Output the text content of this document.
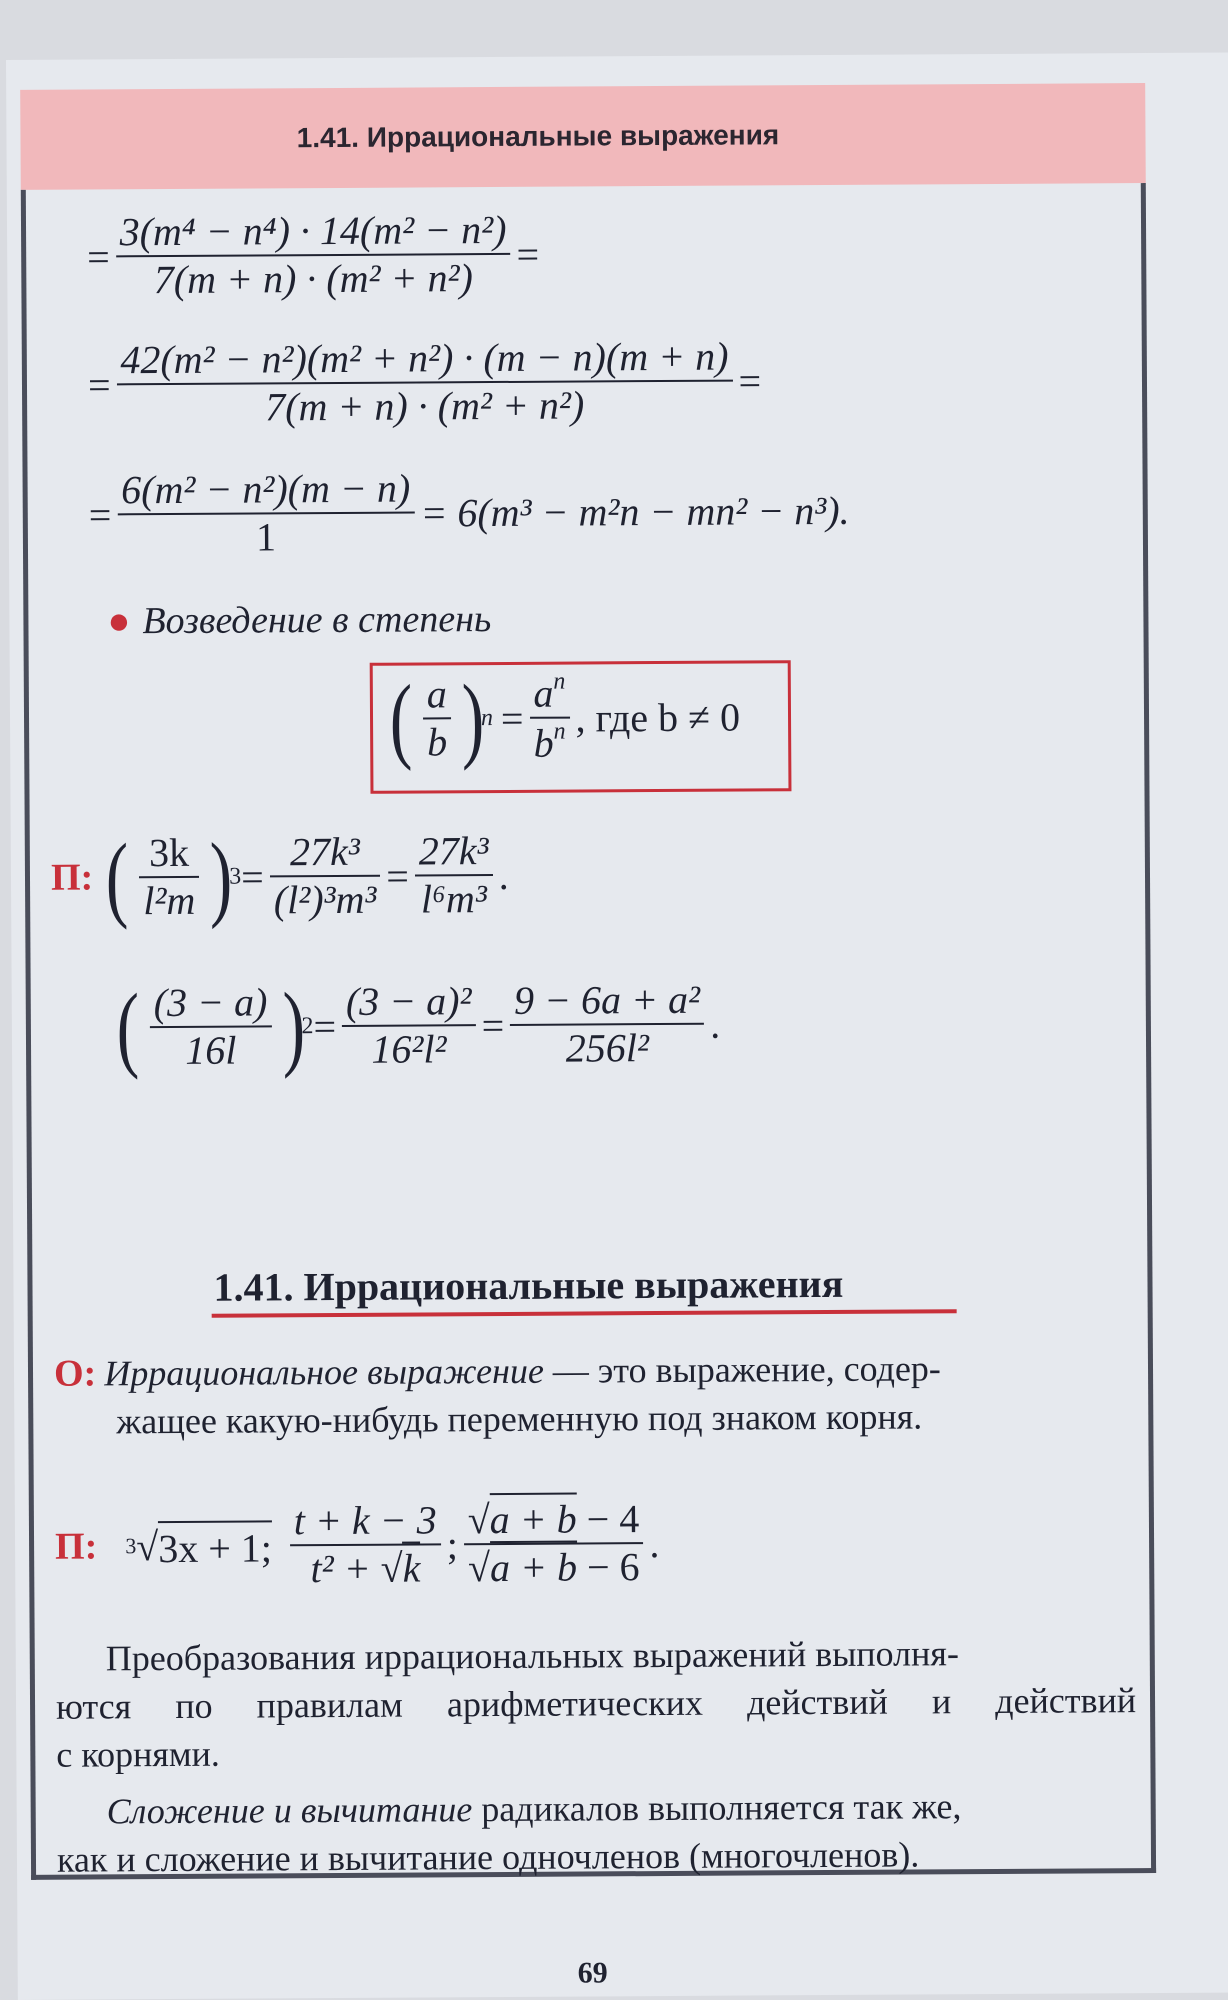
1.41. Иррациональные выражения
=
3(m⁴ − n⁴) · 14(m² − n²)
7(m + n) · (m² + n²)
=
=
42(m² − n²)(m² + n²) · (m − n)(m + n)
7(m + n) · (m² + n²)
=
= $\frac{\text{6(m² − n²)(m − n)}}{1} = 6(m^3 - m^2n - mn^2 - n^3)$.
● Возведение в степень
( $\frac{a}{b}$ )
$n = \frac{a^n}{b^n}$ , где b ≠ 0
П: ( $\frac{3k}{\text{l²m}}$ )
$3 = \frac{\text{27k³}}{\text{(l²)³m³}} = \frac{\text{27k³}}{\text{l⁶m³}}$ .
( $\frac{(3 - a)}{16l}$ )
$2 = \frac{\text{(3 − a)²}}{\text{16²l²}} = \frac{\text{9 − 6a + a²}}{\text{256l²}}$ .
1.41. Иррациональные выражения
О: Иррациональное выражение — это выражение, содер-
жащее какую-нибудь переменную под знаком корня.
П: 3 √ 3x + 1; $\frac{t + k - 3}{\text{t² + √k}}$ ; $\frac{√a + b - 4}{√a + b - 6}$ .
Преобразования иррациональных выражений выполня-
ются по правилам арифметических действий и действий
с корнями.
Сложение и вычитание радикалов выполняется так же,
как и сложение и вычитание одночленов (многочленов).
69
